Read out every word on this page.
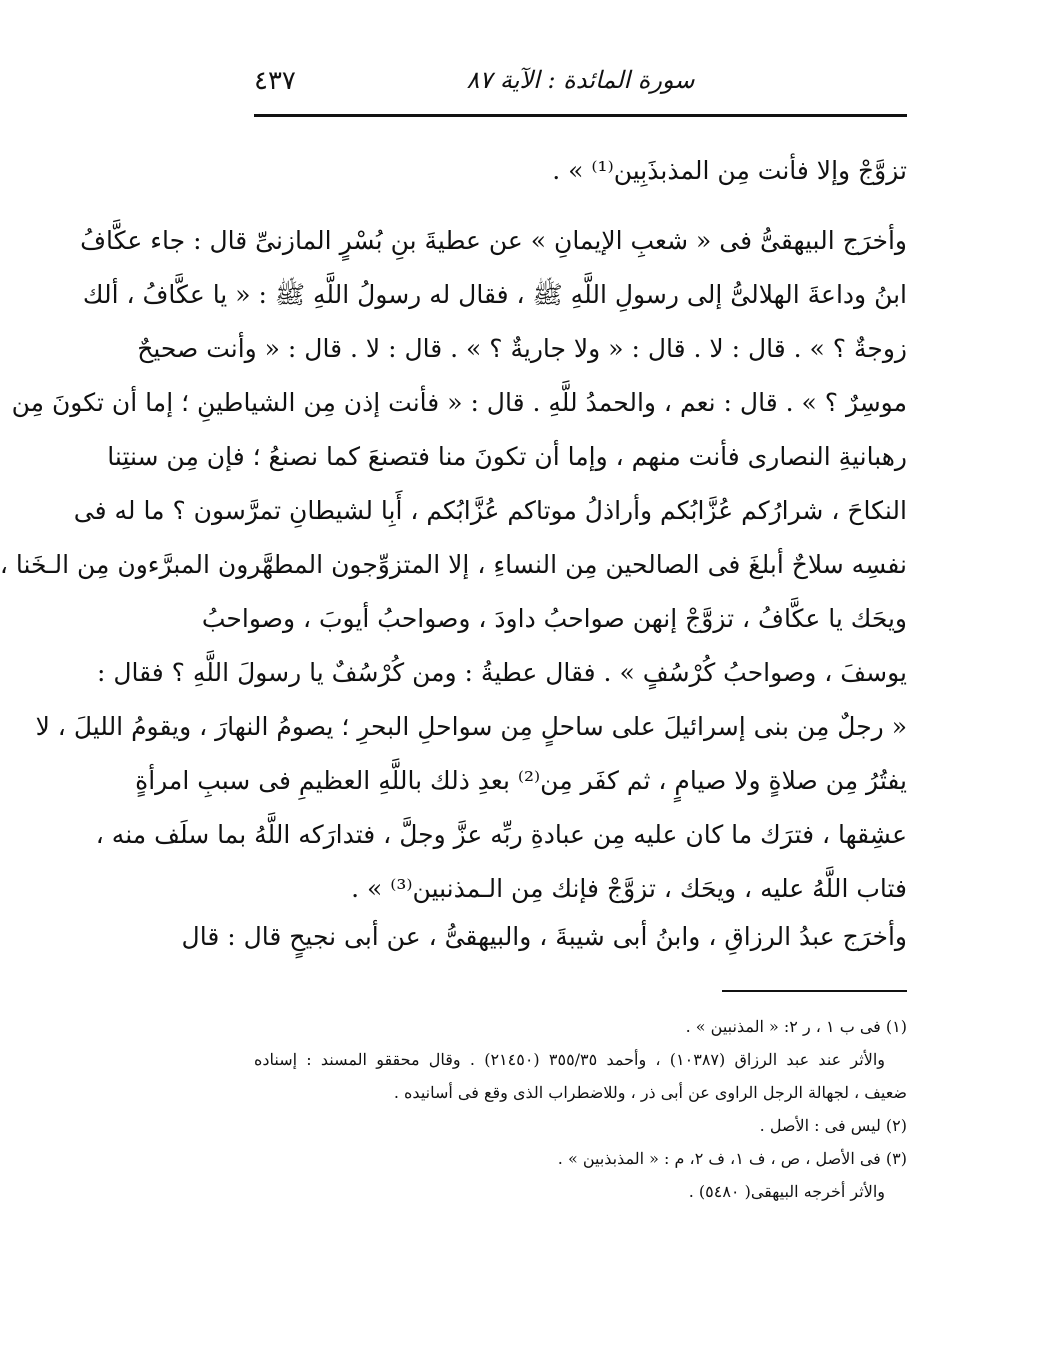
٤٣٧	سورة المائدة : الآية ٨٧
تزوَّجْ وإلا فأنت مِن المذبذَبِين⁽¹⁾ » .
وأخرَج البيهقىُّ فى « شعبِ الإيمانِ » عن عطيةَ بنِ بُسْرٍ المازنىِّ قال : جاء عكَّافُ
ابنُ وداعةَ الهلالىُّ إلى رسولِ اللَّهِ ﷺ ، فقال له رسولُ اللَّهِ ﷺ : « يا عكَّافُ ، ألك
زوجةٌ ؟ » . قال : لا . قال : « ولا جاريةٌ ؟ » . قال : لا . قال : « وأنت صحيحٌ
موسِرٌ ؟ » . قال : نعم ، والحمدُ للَّهِ . قال : « فأنت إذن مِن الشياطينِ ؛ إما أن تكونَ مِن
رهبانيةِ النصارى فأنت منهم ، وإما أن تكونَ منا فتصنعَ كما نصنعُ ؛ فإن مِن سنتِنا
النكاحَ ، شرارُكم عُزَّابُكم وأراذلُ موتاكم عُزَّابُكم ، أَبِا لشيطانِ تمرَّسون ؟ ما له فى
نفسِه سلاحٌ أبلغَ فى الصالحين مِن النساءِ ، إلا المتزوِّجون المطهَّرون المبرَّءون مِن الـخَنا ،
ويحَك يا عكَّافُ ، تزوَّجْ إنهن صواحبُ داودَ ، وصواحبُ أيوبَ ، وصواحبُ
يوسفَ ، وصواحبُ كُرْسُفٍ » . فقال عطيةُ : ومن كُرْسُفٌ يا رسولَ اللَّهِ ؟ فقال :
« رجلٌ مِن بنى إسرائيلَ على ساحلٍ مِن سواحلِ البحرِ ؛ يصومُ النهارَ ، ويقومُ الليلَ ، لا
يفتُرُ مِن صلاةٍ ولا صيامٍ ، ثم كفَر مِن⁽²⁾ بعدِ ذلك باللَّهِ العظيمِ فى سببِ امرأةٍ
عشِقها ، فترَك ما كان عليه مِن عبادةِ ربِّه عزَّ وجلَّ ، فتدارَكه اللَّهُ بما سلَف منه ،
فتاب اللَّهُ عليه ، ويحَك ، تزوَّجْ فإنك مِن الـمذنبين⁽³⁾ » .
وأخرَج عبدُ الرزاقِ ، وابنُ أبى شيبةَ ، والبيهقىُّ ، عن أبى نجيحٍ قال : قال
(١) فى ب ١ ، ر ٢: « المذنبين » .
والأثر عند عبد الرزاق (١٠٣٨٧) ، وأحمد ٣٥٥/٣٥ (٢١٤٥٠) . وقال محققو المسند : إسناده
ضعيف ، لجهالة الرجل الراوى عن أبى ذر ، وللاضطراب الذى وقع فى أسانيده .
(٢) ليس فى : الأصل .
(٣) فى الأصل ، ص ، ف ١، ف ٢، م : « المذبذبين » .
والأثر أخرجه البيهقى( ٥٤٨٠) .
